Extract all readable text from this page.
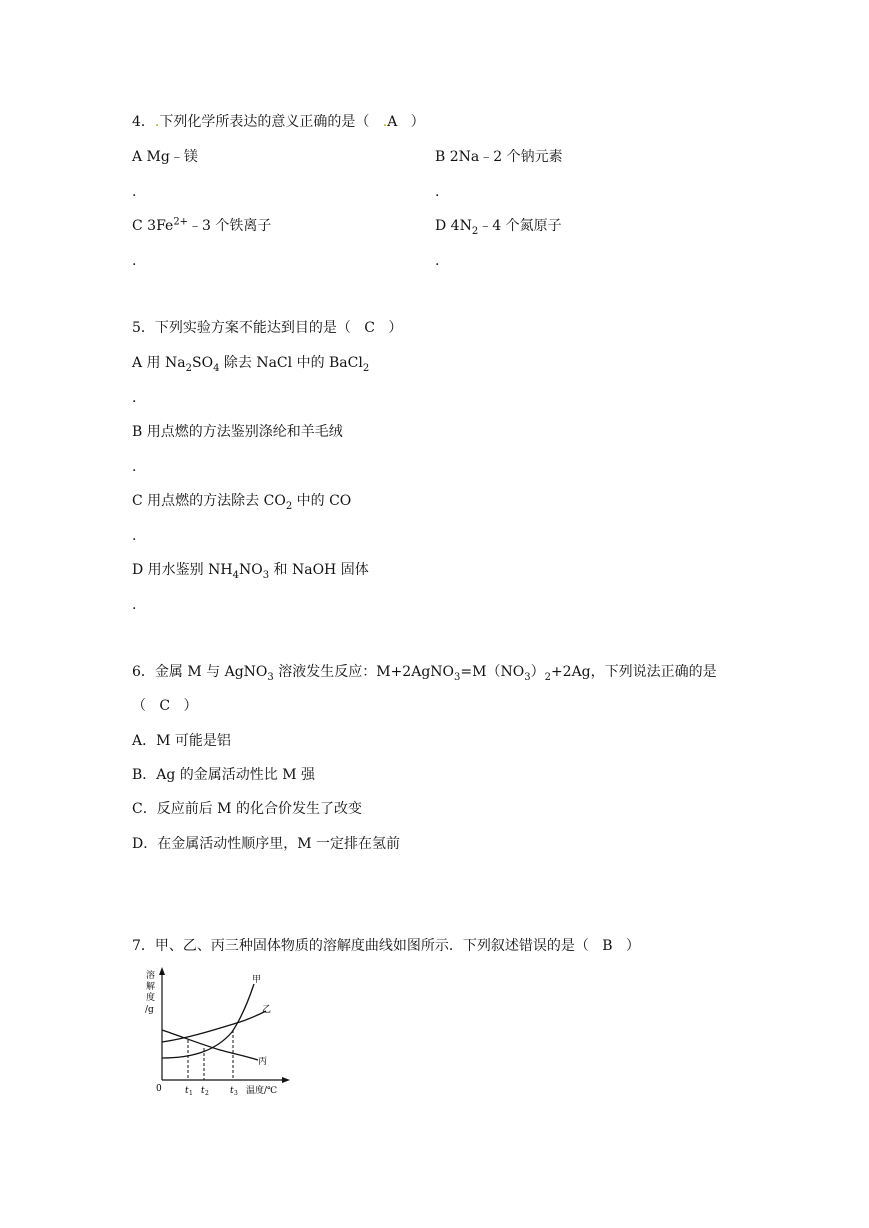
4．.下列化学所表达的意义正确的是（ .A ）
A Mg﹣镁	B 2Na﹣2 个钠元素
.	.
C $3Fe^{2+}﹣3$ 个铁离子	D $4N_2﹣4$ 个氮原子
.	.
5．下列实验方案不能达到目的是（ C ）
A 用 $Na_2SO_4$ 除去 NaCl 中的 BaCl$_2$
.
B 用点燃的方法鉴别涤纶和羊毛绒
.
C 用点燃的方法除去 $CO_2$ 中的 CO
.
D 用水鉴别 $NH_4NO_3$ 和 NaOH 固体
.
6．金属 M 与 AgNO$_3$ 溶液发生反应：$M+2AgNO_3=M(NO_3)_2+2Ag$，下列说法正确的是
（ C ）
A．M 可能是铝
B．Ag 的金属活动性比 M 强
C．反应前后 M 的化合价发生了改变
D．在金属活动性顺序里，M 一定排在氢前
7．甲、乙、丙三种固体物质的溶解度曲线如图所示．下列叙述错误的是（ B ）
溶
解
度
/g
甲
乙
丙
0	t 1 t 2 t 3 温度/℃
